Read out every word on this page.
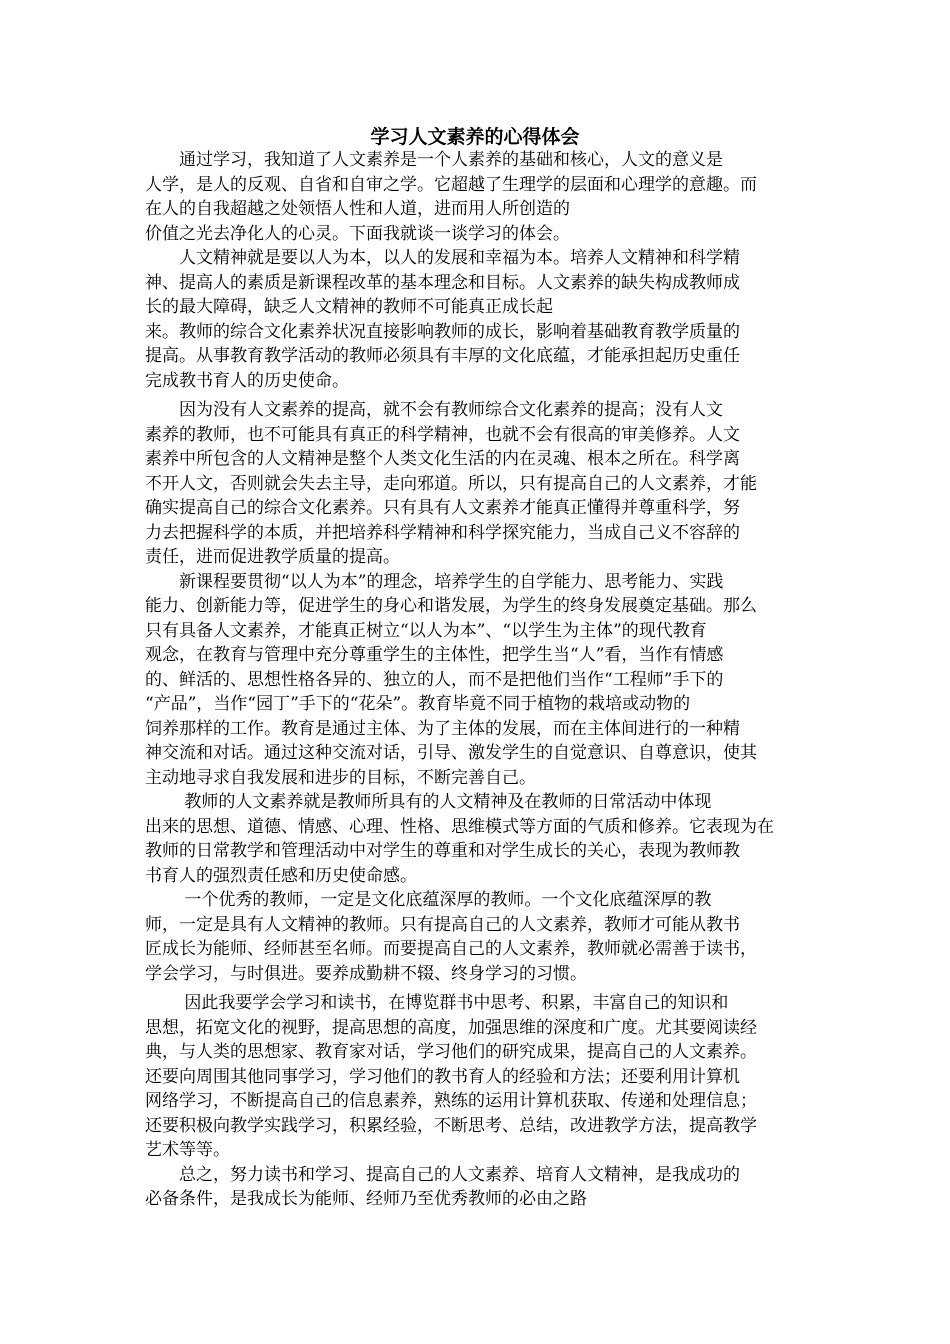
学习人文素养的心得体会
　　通过学习，我知道了人文素养是一个人素养的基础和核心，人文的意义是
人学，是人的反观、自省和自审之学。它超越了生理学的层面和心理学的意趣。而
在人的自我超越之处领悟人性和人道，进而用人所创造的
价值之光去净化人的心灵。下面我就谈一谈学习的体会。
　　人文精神就是要以人为本，以人的发展和幸福为本。培养人文精神和科学精
神、提高人的素质是新课程改革的基本理念和目标。人文素养的缺失构成教师成
长的最大障碍，缺乏人文精神的教师不可能真正成长起
来。教师的综合文化素养状况直接影响教师的成长，影响着基础教育教学质量的
提高。从事教育教学活动的教师必须具有丰厚的文化底蕴，才能承担起历史重任
完成教书育人的历史使命。
　　因为没有人文素养的提高，就不会有教师综合文化素养的提高；没有人文
素养的教师，也不可能具有真正的科学精神，也就不会有很高的审美修养。人文
素养中所包含的人文精神是整个人类文化生活的内在灵魂、根本之所在。科学离
不开人文，否则就会失去主导，走向邪道。所以，只有提高自己的人文素养，才能
确实提高自己的综合文化素养。只有具有人文素养才能真正懂得并尊重科学，努
力去把握科学的本质，并把培养科学精神和科学探究能力，当成自己义不容辞的
责任，进而促进教学质量的提高。
　　新课程要贯彻“以人为本”的理念，培养学生的自学能力、思考能力、实践
能力、创新能力等，促进学生的身心和谐发展，为学生的终身发展奠定基础。那么
只有具备人文素养，才能真正树立“以人为本”、“以学生为主体”的现代教育
观念，在教育与管理中充分尊重学生的主体性，把学生当“人”看，当作有情感
的、鲜活的、思想性格各异的、独立的人，而不是把他们当作“工程师”手下的
“产品”，当作“园丁”手下的“花朵”。教育毕竟不同于植物的栽培或动物的
饲养那样的工作。教育是通过主体、为了主体的发展，而在主体间进行的一种精
神交流和对话。通过这种交流对话，引导、激发学生的自觉意识、自尊意识，使其
主动地寻求自我发展和进步的目标，不断完善自己。
　　 教师的人文素养就是教师所具有的人文精神及在教师的日常活动中体现
出来的思想、道德、情感、心理、性格、思维模式等方面的气质和修养。它表现为在
教师的日常教学和管理活动中对学生的尊重和对学生成长的关心，表现为教师教
书育人的强烈责任感和历史使命感。
　　 一个优秀的教师，一定是文化底蕴深厚的教师。一个文化底蕴深厚的教
师，一定是具有人文精神的教师。只有提高自己的人文素养，教师才可能从教书
匠成长为能师、经师甚至名师。而要提高自己的人文素养，教师就必需善于读书，
学会学习，与时俱进。要养成勤耕不辍、终身学习的习惯。
　　 因此我要学会学习和读书，在博览群书中思考、积累，丰富自己的知识和
思想，拓宽文化的视野，提高思想的高度，加强思维的深度和广度。尤其要阅读经
典，与人类的思想家、教育家对话，学习他们的研究成果，提高自己的人文素养。
还要向周围其他同事学习，学习他们的教书育人的经验和方法；还要利用计算机
网络学习，不断提高自己的信息素养，熟练的运用计算机获取、传递和处理信息；
还要积极向教学实践学习，积累经验，不断思考、总结，改进教学方法，提高教学
艺术等等。
　　总之，努力读书和学习、提高自己的人文素养、培育人文精神，是我成功的
必备条件，是我成长为能师、经师乃至优秀教师的必由之路
